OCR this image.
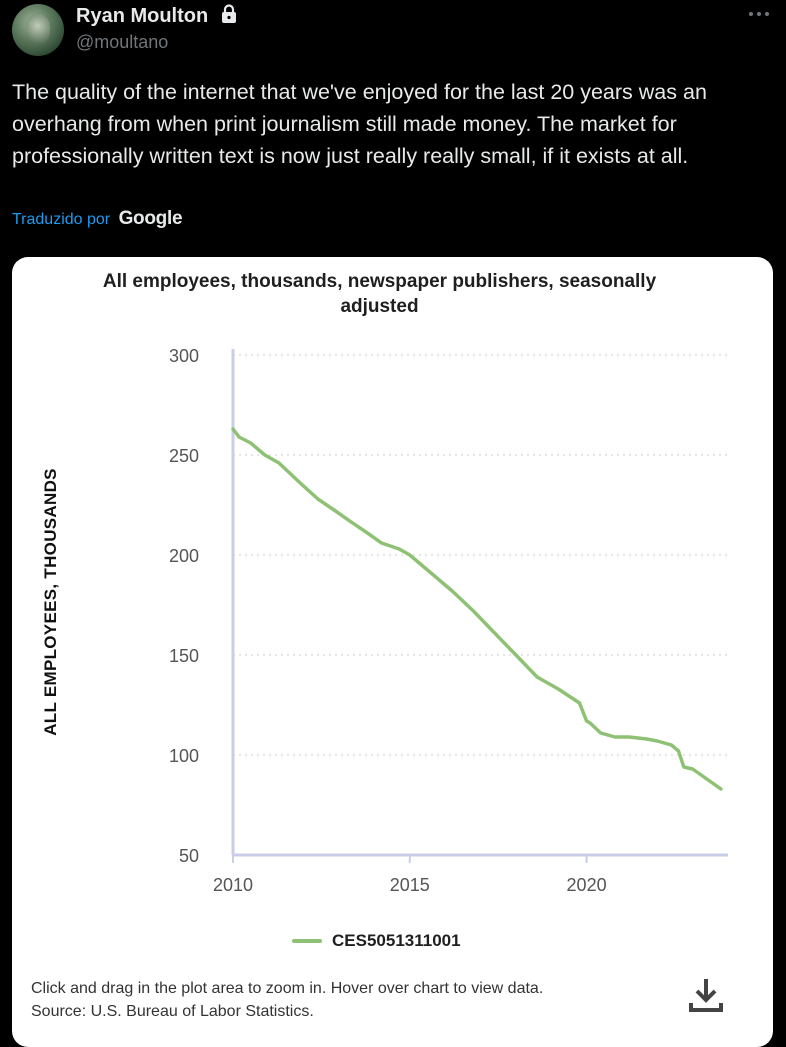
Ryan Moulton
@moultano
The quality of the internet that we've enjoyed for the last 20 years was an overhang from when print journalism still made money. The market for professionally written text is now just really really small, if it exists at all.
Traduzido por Google
All employees, thousands, newspaper publishers, seasonally adjusted
ALL EMPLOYEES, THOUSANDS
50
100
150
200
250
300
2010	2015	2020
CES5051311001
Click and drag in the plot area to zoom in. Hover over chart to view data.
Source: U.S. Bureau of Labor Statistics.
